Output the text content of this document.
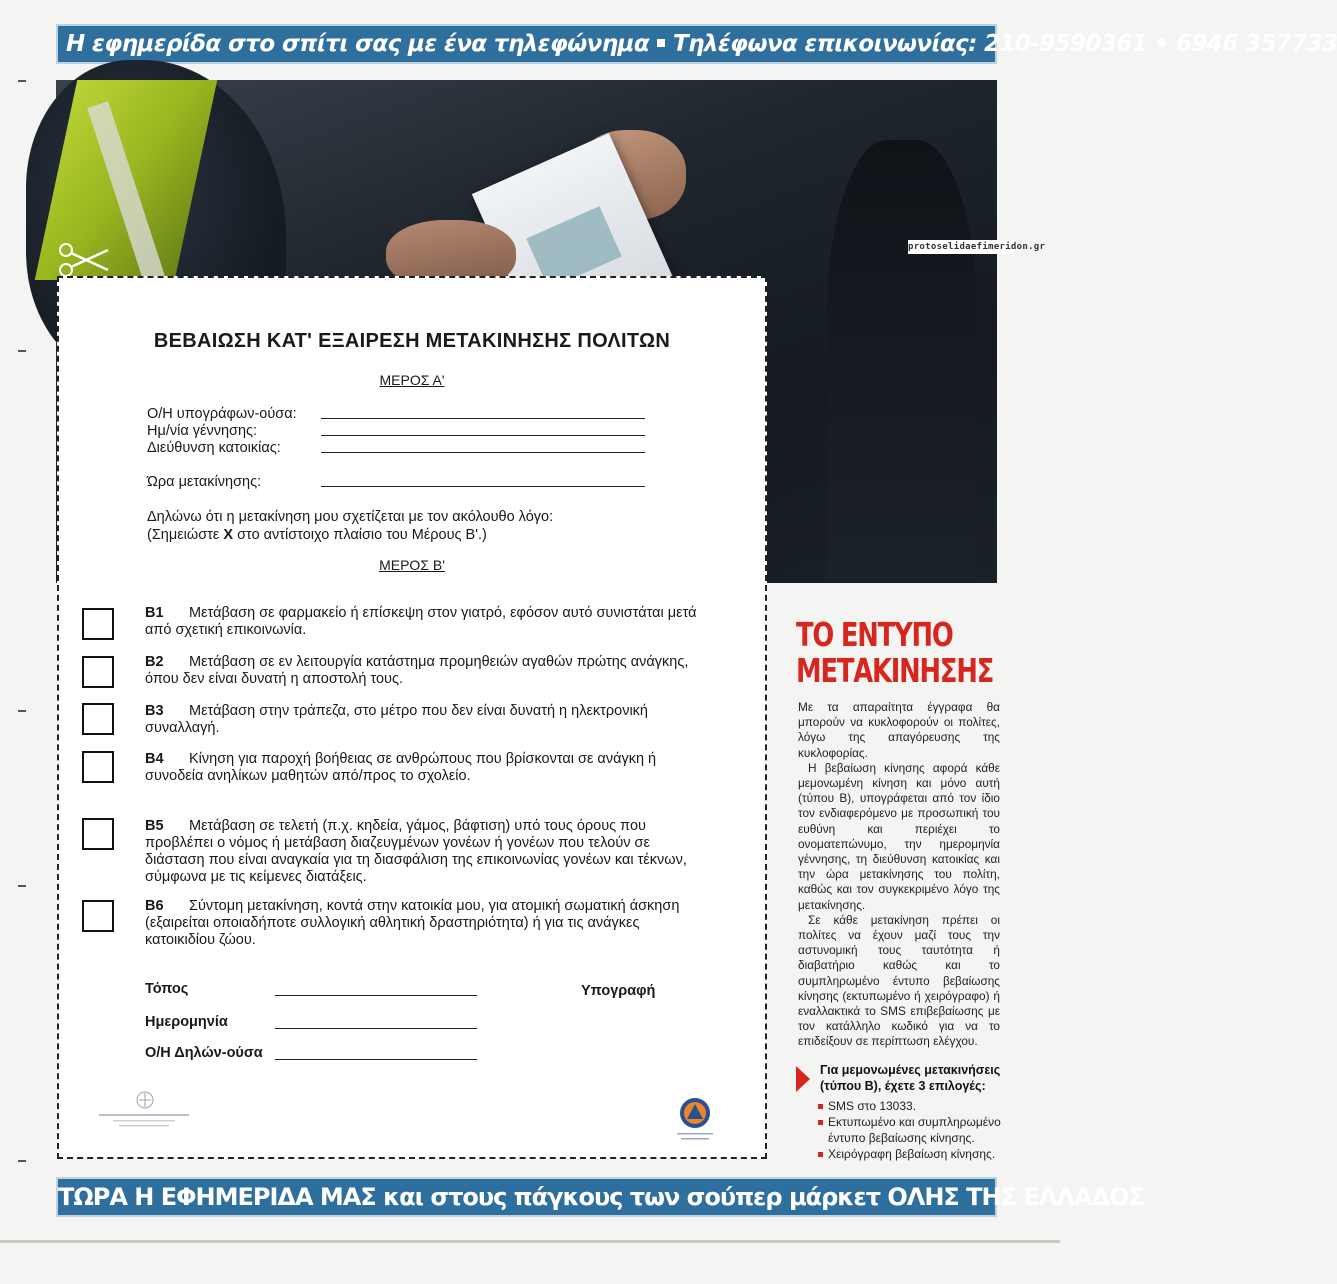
Η εφημερίδα στο σπίτι σας με ένα τηλεφώνημα Τηλέφωνα επικοινωνίας: 210-9590361 • 6946 357733
protoselidaefimeridon.gr
ΒΕΒΑΙΩΣΗ ΚΑΤ' ΕΞΑΙΡΕΣΗ ΜΕΤΑΚΙΝΗΣΗΣ ΠΟΛΙΤΩΝ
ΜΕΡΟΣ Α'
Ο/Η υπογράφων-ούσα:
Ημ/νία γέννησης:
Διεύθυνση κατοικίας:
Ώρα μετακίνησης:
Δηλώνω ότι η μετακίνηση μου σχετίζεται με τον ακόλουθο λόγο:
(Σημειώστε Χ στο αντίστοιχο πλαίσιο του Μέρους Β'.)
ΜΕΡΟΣ Β'
Β1 Μετάβαση σε φαρμακείο ή επίσκεψη στον γιατρό, εφόσον αυτό συνιστάται μετά από σχετική επικοινωνία.
Β2 Μετάβαση σε εν λειτουργία κατάστημα προμηθειών αγαθών πρώτης ανάγκης, όπου δεν είναι δυνατή η αποστολή τους.
Β3 Μετάβαση στην τράπεζα, στο μέτρο που δεν είναι δυνατή η ηλεκτρονική συναλλαγή.
Β4 Κίνηση για παροχή βοήθειας σε ανθρώπους που βρίσκονται σε ανάγκη ή συνοδεία ανηλίκων μαθητών από/προς το σχολείο.
Β5 Μετάβαση σε τελετή (π.χ. κηδεία, γάμος, βάφτιση) υπό τους όρους που προβλέπει ο νόμος ή μετάβαση διαζευγμένων γονέων ή γονέων που τελούν σε διάσταση που είναι αναγκαία για τη διασφάλιση της επικοινωνίας γονέων και τέκνων, σύμφωνα με τις κείμενες διατάξεις.
Β6 Σύντομη μετακίνηση, κοντά στην κατοικία μου, για ατομική σωματική άσκηση (εξαιρείται οποιαδήποτε συλλογική αθλητική δραστηριότητα) ή για τις ανάγκες κατοικιδίου ζώου.
Τόπος	Υπογραφή
Ημερομηνία
Ο/Η Δηλών-ούσα
ΤΟ ΕΝΤΥΠΟ
ΜΕΤΑΚΙΝΗΣΗΣ

Με τα απαραίτητα έγγραφα θα μπορούν να κυκλοφορούν οι πολίτες, λόγω της απαγόρευσης της κυκλοφορίας.

Η βεβαίωση κίνησης αφορά κάθε μεμονωμένη κίνηση και μόνο αυτή (τύπου Β), υπογράφεται από τον ίδιο τον ενδιαφερόμενο με προσωπική του ευθύνη και περιέχει το ονοματεπώνυμο, την ημερομηνία γέννησης, τη διεύθυνση κατοικίας και την ώρα μετακίνησης του πολίτη, καθώς και τον συγκεκριμένο λόγο της μετακίνησης.

Σε κάθε μετακίνηση πρέπει οι πολίτες να έχουν μαζί τους την αστυνομική τους ταυτότητα ή διαβατήριο καθώς και το συμπληρωμένο έντυπο βεβαίωσης κίνησης (εκτυπωμένο ή χειρόγραφο) ή εναλλακτικά το SMS επιβεβαίωσης με τον κατάλληλο κωδικό για να το επιδείξουν σε περίπτωση ελέγχου.

Για μεμονωμένες μετακινήσεις (τύπου Β), έχετε 3 επιλογές:
SMS στο 13033.
Εκτυπωμένο και συμπληρωμένο έντυπο βεβαίωσης κίνησης.
Χειρόγραφη βεβαίωση κίνησης.
ΤΩΡΑ Η ΕΦΗΜΕΡΙΔΑ ΜΑΣ και στους πάγκους των σούπερ μάρκετ ΟΛΗΣ ΤΗΣ ΕΛΛΑΔΟΣ
